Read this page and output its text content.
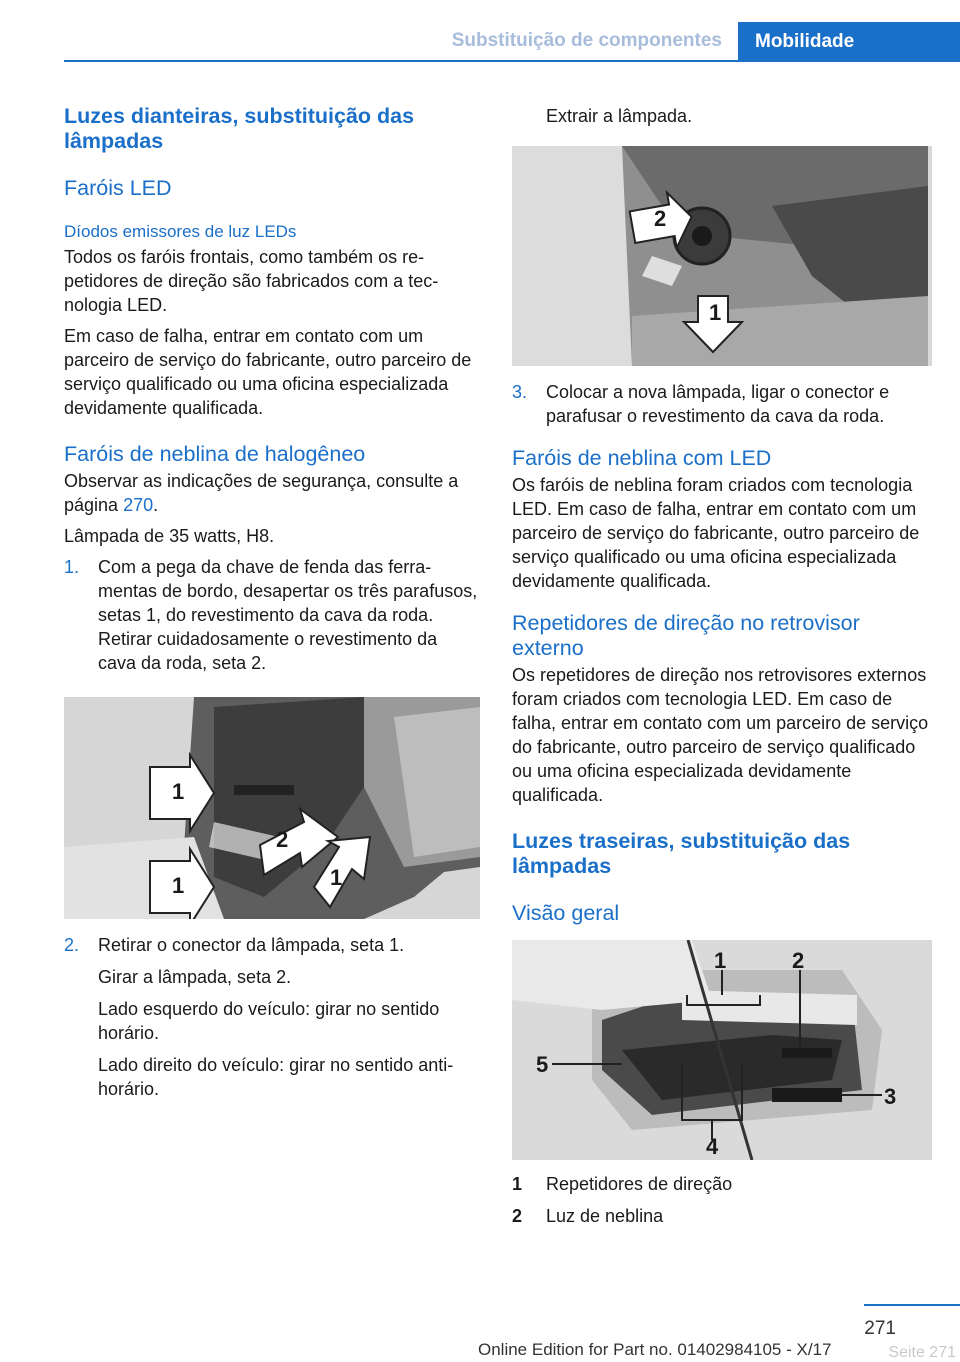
Substituição de componentes	Mobilidade
Luzes dianteiras, substituição das lâmpadas
Faróis LED
Díodos emissores de luz LEDs

Todos os faróis frontais, como também os repetidores de direção são fabricados com a tecnologia LED.

Em caso de falha, entrar em contato com um parceiro de serviço do fabricante, outro parceiro de serviço qualificado ou uma oficina especializada devidamente qualificada.

Faróis de neblina de halogêneo

Observar as indicações de segurança, consulte a página 270.

Lâmpada de 35 watts, H8.

1.	Com a pega da chave de fenda das ferramentas de bordo, desapertar os três parafusos, setas 1, do revestimento da cava da roda. Retirar cuidadosamente o revestimento da cava da roda, seta 2.
1
2
1	1
2.	Retirar o conector da lâmpada, seta 1.
Girar a lâmpada, seta 2.
Lado esquerdo do veículo: girar no sentido horário.
Lado direito do veículo: girar no sentido anti-horário.
Extrair a lâmpada.
2
1
3.	Colocar a nova lâmpada, ligar o conector e parafusar o revestimento da cava da roda.
Faróis de neblina com LED

Os faróis de neblina foram criados com tecnologia LED. Em caso de falha, entrar em contato com um parceiro de serviço do fabricante, outro parceiro de serviço qualificado ou uma oficina especializada devidamente qualificada.

Repetidores de direção no retrovisor externo

Os repetidores de direção nos retrovisores externos foram criados com tecnologia LED. Em caso de falha, entrar em contato com um parceiro de serviço do fabricante, outro parceiro de serviço qualificado ou uma oficina especializada devidamente qualificada.

Luzes traseiras, substituição das lâmpadas
Visão geral
1	2
5
3
4
1	Repetidores de direção
2	Luz de neblina
271
Online Edition for Part no. 01402984105 - X/17	Seite 271
